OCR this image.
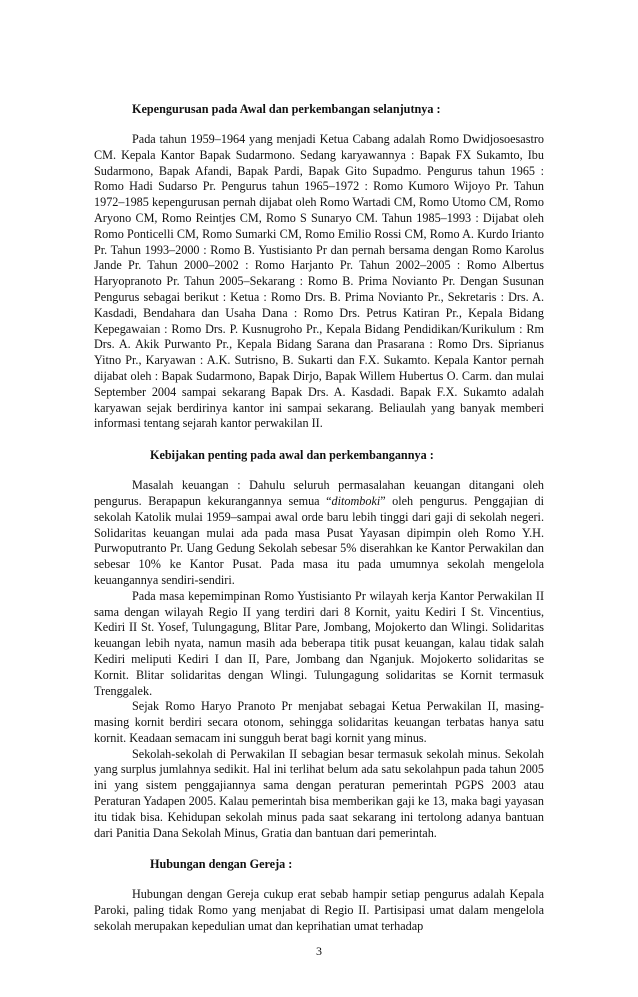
Kepengurusan pada Awal dan perkembangan selanjutnya :

Pada tahun 1959–1964 yang menjadi Ketua Cabang adalah Romo Dwidjosoesastro CM. Kepala Kantor Bapak Sudarmono. Sedang karyawannya : Bapak FX Sukamto, Ibu Sudarmono, Bapak Afandi, Bapak Pardi, Bapak Gito Supadmo. Pengurus tahun 1965 : Romo Hadi Sudarso Pr. Pengurus tahun 1965–1972 : Romo Kumoro Wijoyo Pr. Tahun 1972–1985 kepengurusan pernah dijabat oleh Romo Wartadi CM, Romo Utomo CM, Romo Aryono CM, Romo Reintjes CM, Romo S Sunaryo CM. Tahun 1985–1993 : Dijabat oleh Romo Ponticelli CM, Romo Sumarki CM, Romo Emilio Rossi CM, Romo A. Kurdo Irianto Pr. Tahun 1993–2000 : Romo B. Yustisianto Pr dan pernah bersama dengan Romo Karolus Jande Pr. Tahun 2000–2002 : Romo Harjanto Pr. Tahun 2002–2005 : Romo Albertus Haryopranoto Pr. Tahun 2005–Sekarang : Romo B. Prima Novianto Pr. Dengan Susunan Pengurus sebagai berikut : Ketua : Romo Drs. B. Prima Novianto Pr., Sekretaris : Drs. A. Kasdadi, Bendahara dan Usaha Dana : Romo Drs. Petrus Katiran Pr., Kepala Bidang Kepegawaian : Romo Drs. P. Kusnugroho Pr., Kepala Bidang Pendidikan/Kurikulum : Rm Drs. A. Akik Purwanto Pr., Kepala Bidang Sarana dan Prasarana : Romo Drs. Siprianus Yitno Pr., Karyawan : A.K. Sutrisno, B. Sukarti dan F.X. Sukamto. Kepala Kantor pernah dijabat oleh : Bapak Sudarmono, Bapak Dirjo, Bapak Willem Hubertus O. Carm. dan mulai September 2004 sampai sekarang Bapak Drs. A. Kasdadi. Bapak F.X. Sukamto adalah karyawan sejak berdirinya kantor ini sampai sekarang. Beliaulah yang banyak memberi informasi tentang sejarah kantor perwakilan II.

Kebijakan penting pada awal dan perkembangannya :

Masalah keuangan : Dahulu seluruh permasalahan keuangan ditangani oleh pengurus. Berapapun kekurangannya semua “ditomboki” oleh pengurus. Penggajian di sekolah Katolik mulai 1959–sampai awal orde baru lebih tinggi dari gaji di sekolah negeri. Solidaritas keuangan mulai ada pada masa Pusat Yayasan dipimpin oleh Romo Y.H. Purwoputranto Pr. Uang Gedung Sekolah sebesar 5% diserahkan ke Kantor Perwakilan dan sebesar 10% ke Kantor Pusat. Pada masa itu pada umumnya sekolah mengelola keuangannya sendiri-sendiri.

Pada masa kepemimpinan Romo Yustisianto Pr wilayah kerja Kantor Perwakilan II sama dengan wilayah Regio II yang terdiri dari 8 Kornit, yaitu Kediri I St. Vincentius, Kediri II St. Yosef, Tulungagung, Blitar Pare, Jombang, Mojokerto dan Wlingi. Solidaritas keuangan lebih nyata, namun masih ada beberapa titik pusat keuangan, kalau tidak salah Kediri meliputi Kediri I dan II, Pare, Jombang dan Nganjuk. Mojokerto solidaritas se Kornit. Blitar solidaritas dengan Wlingi. Tulungagung solidaritas se Kornit termasuk Trenggalek.

Sejak Romo Haryo Pranoto Pr menjabat sebagai Ketua Perwakilan II, masing-masing kornit berdiri secara otonom, sehingga solidaritas keuangan terbatas hanya satu kornit. Keadaan semacam ini sungguh berat bagi kornit yang minus.

Sekolah-sekolah di Perwakilan II sebagian besar termasuk sekolah minus. Sekolah yang surplus jumlahnya sedikit. Hal ini terlihat belum ada satu sekolahpun pada tahun 2005 ini yang sistem penggajiannya sama dengan peraturan pemerintah PGPS 2003 atau Peraturan Yadapen 2005. Kalau pemerintah bisa memberikan gaji ke 13, maka bagi yayasan itu tidak bisa. Kehidupan sekolah minus pada saat sekarang ini tertolong adanya bantuan dari Panitia Dana Sekolah Minus, Gratia dan bantuan dari pemerintah.

Hubungan dengan Gereja :

Hubungan dengan Gereja cukup erat sebab hampir setiap pengurus adalah Kepala Paroki, paling tidak Romo yang menjabat di Regio II. Partisipasi umat dalam mengelola sekolah merupakan kepedulian umat dan keprihatian umat terhadap

3
